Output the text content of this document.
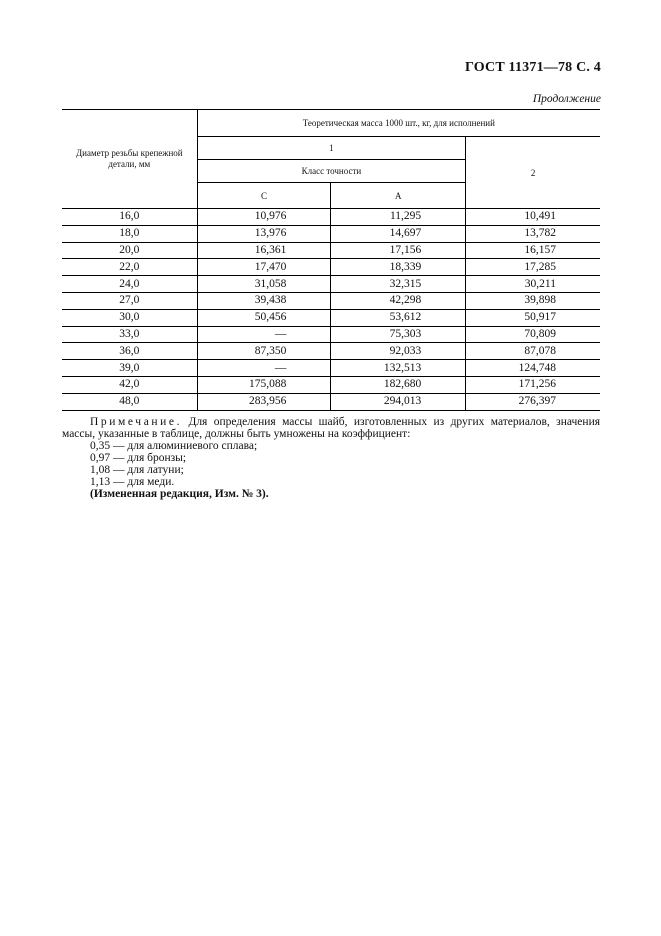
ГОСТ 11371—78 С. 4
Продолжение
Диаметр резьбы крепежной детали, мм	Теоретическая масса 1000 шт., кг, для исполнений		
	1		2
	Класс точности		
	С	А	

16,0	10,976	11,295	10,491
18,0	13,976	14,697	13,782
20,0	16,361	17,156	16,157
22,0	17,470	18,339	17,285
24,0	31,058	32,315	30,211
27,0	39,438	42,298	39,898
30,0	50,456	53,612	50,917
33,0	—	75,303	70,809
36,0	87,350	92,033	87,078
39,0	—	132,513	124,748
42,0	175,088	182,680	171,256
48,0	283,956	294,013	276,397

Примечание. Для определения массы шайб, изготовленных из других материалов, значения массы, указанные в таблице, должны быть умножены на коэффициент:

0,35 — для алюминиевого сплава;

0,97 — для бронзы;

1,08 — для латуни;

1,13 — для меди.

(Измененная редакция, Изм. № 3).
